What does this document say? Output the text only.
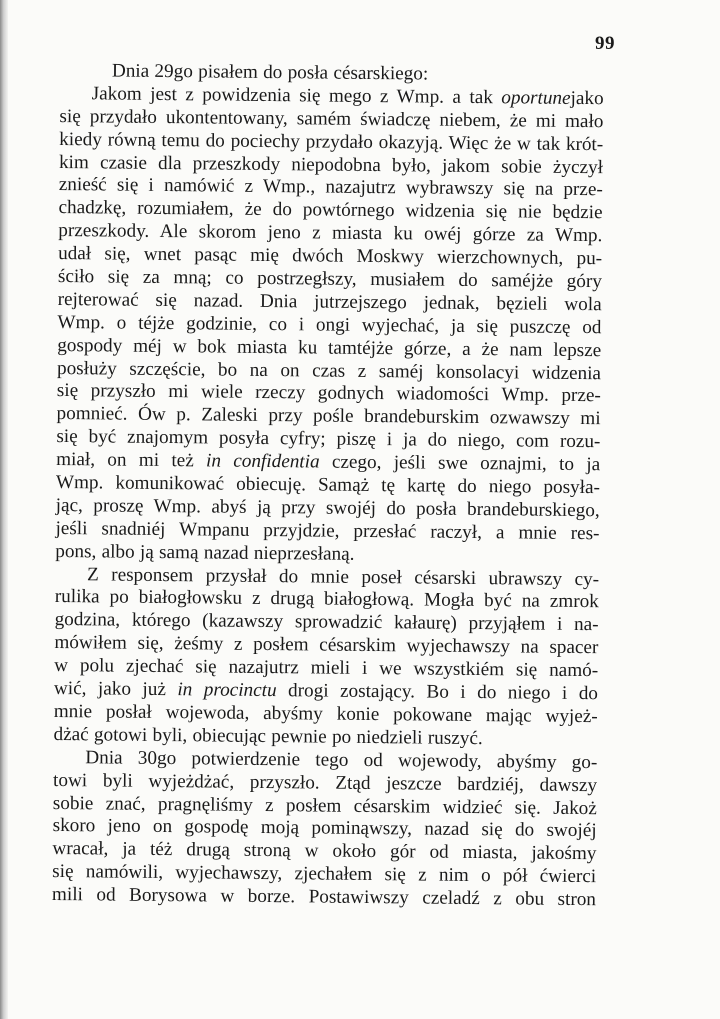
99
Dnia 29go pisałem do posła césarskiego:
Jakom jest z powidzenia się mego z Wmp. a tak oportunejako
się przydało ukontentowany, samém świadczę niebem, że mi mało
kiedy równą temu do pociechy przydało okazyją. Więc że w tak krót-
kim czasie dla przeszkody niepodobna było, jakom sobie życzył
znieść się i namówić z Wmp., nazajutrz wybrawszy się na prze-
chadzkę, rozumiałem, że do powtórnego widzenia się nie będzie
przeszkody. Ale skorom jeno z miasta ku owéj górze za Wmp.
udał się, wnet pasąc mię dwóch Moskwy wierzchownych, pu-
ściło się za mną; co postrzegłszy, musiałem do saméjże góry
rejterować się nazad. Dnia jutrzejszego jednak, bęzieli wola
Wmp. o téjże godzinie, co i ongi wyjechać, ja się puszczę od
gospody méj w bok miasta ku tamtéjże górze, a że nam lepsze
posłuży szczęście, bo na on czas z saméj konsolacyi widzenia
się przyszło mi wiele rzeczy godnych wiadomości Wmp. prze-
pomnieć. Ów p. Zaleski przy pośle brandeburskim ozwawszy mi
się być znajomym posyła cyfry; piszę i ja do niego, com rozu-
miał, on mi też in confidentia czego, jeśli swe oznajmi, to ja
Wmp. komunikować obiecuję. Samąż tę kartę do niego posyła-
jąc, proszę Wmp. abyś ją przy swojéj do posła brandeburskiego,
jeśli snadniéj Wmpanu przyjdzie, przesłać raczył, a mnie res-
pons, albo ją samą nazad nieprzesłaną.
Z responsem przysłał do mnie poseł césarski ubrawszy cy-
rulika po białogłowsku z drugą białogłową. Mogła być na zmrok
godzina, którego (kazawszy sprowadzić kałaurę) przyjąłem i na-
mówiłem się, żeśmy z posłem césarskim wyjechawszy na spacer
w polu zjechać się nazajutrz mieli i we wszystkiém się namó-
wić, jako już in procinctu drogi zostający. Bo i do niego i do
mnie posłał wojewoda, abyśmy konie pokowane mając wyjeż-
dżać gotowi byli, obiecując pewnie po niedzieli ruszyć.
Dnia 30go potwierdzenie tego od wojewody, abyśmy go-
towi byli wyjeżdżać, przyszło. Ztąd jeszcze bardziéj, dawszy
sobie znać, pragnęliśmy z posłem césarskim widzieć się. Jakoż
skoro jeno on gospodę moją pominąwszy, nazad się do swojéj
wracał, ja téż drugą stroną w około gór od miasta, jakośmy
się namówili, wyjechawszy, zjechałem się z nim o pół ćwierci
mili od Borysowa w borze. Postawiwszy czeladź z obu stron
